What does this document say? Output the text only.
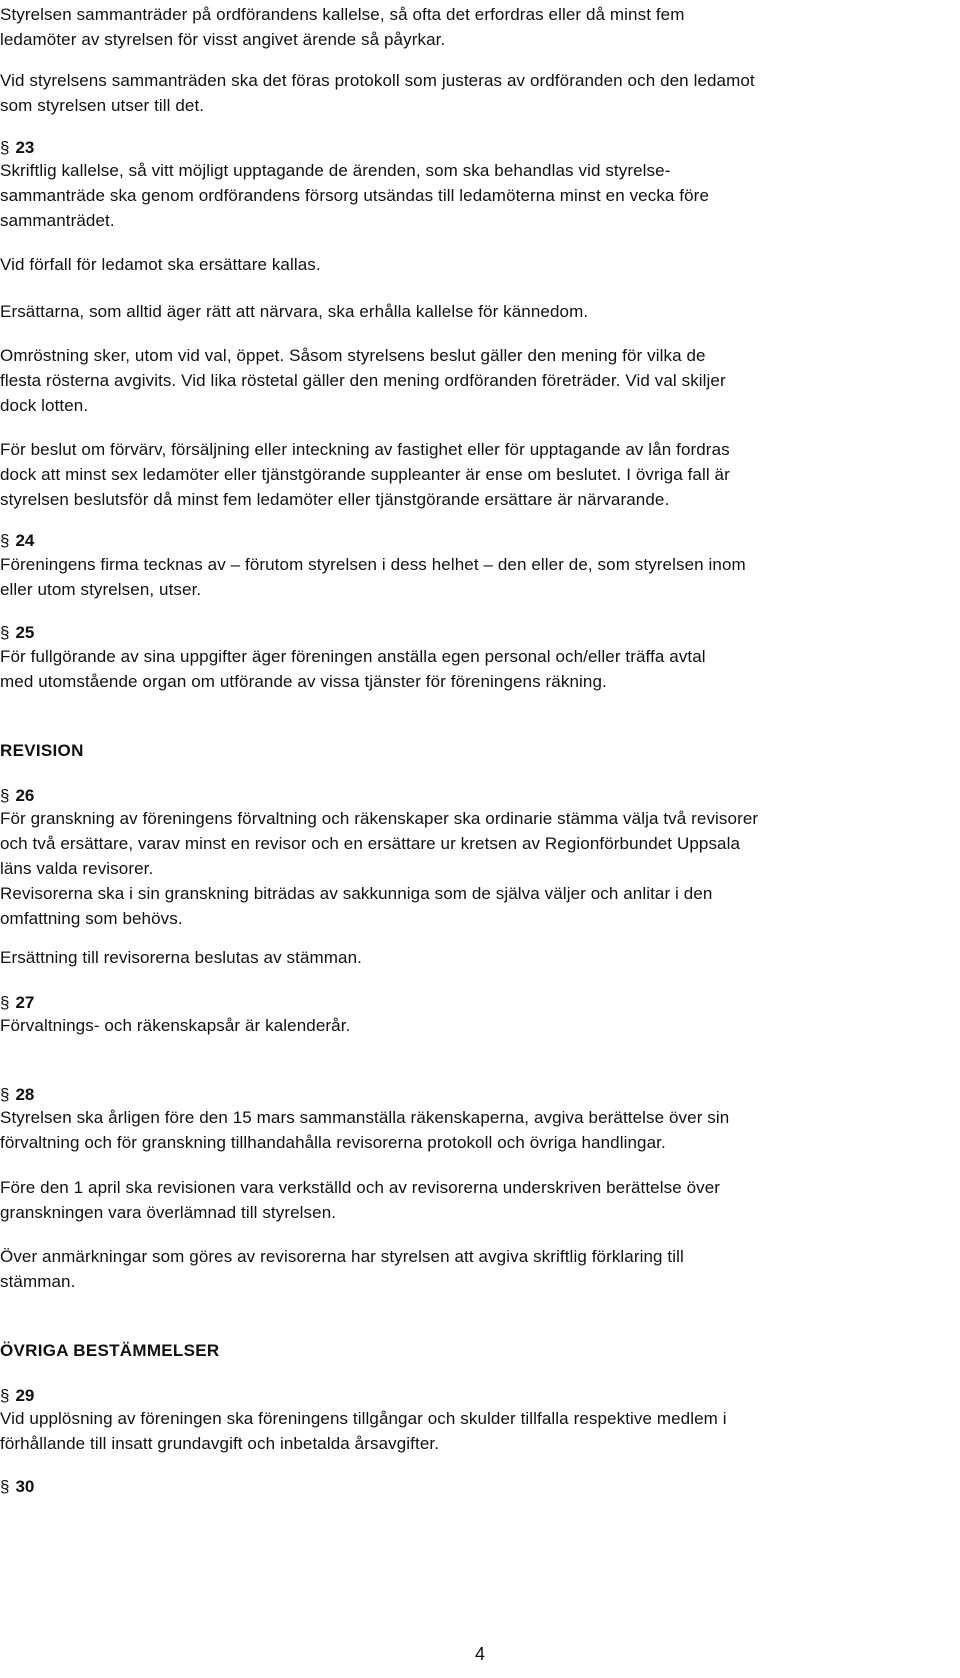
Styrelsen sammanträder på ordförandens kallelse, så ofta det erfordras eller då minst fem
ledamöter av styrelsen för visst angivet ärende så påyrkar.

Vid styrelsens sammanträden ska det föras protokoll som justeras av ordföranden och den ledamot
som styrelsen utser till det.

§ 23

Skriftlig kallelse, så vitt möjligt upptagande de ärenden, som ska behandlas vid styrelse-
sammanträde ska genom ordförandens försorg utsändas till ledamöterna minst en vecka före
sammanträdet.

Vid förfall för ledamot ska ersättare kallas.

Ersättarna, som alltid äger rätt att närvara, ska erhålla kallelse för kännedom.

Omröstning sker, utom vid val, öppet. Såsom styrelsens beslut gäller den mening för vilka de
flesta rösterna avgivits. Vid lika röstetal gäller den mening ordföranden företräder. Vid val skiljer
dock lotten.

För beslut om förvärv, försäljning eller inteckning av fastighet eller för upptagande av lån fordras
dock att minst sex ledamöter eller tjänstgörande suppleanter är ense om beslutet. I övriga fall är
styrelsen beslutsför då minst fem ledamöter eller tjänstgörande ersättare är närvarande.

§ 24

Föreningens firma tecknas av – förutom styrelsen i dess helhet – den eller de, som styrelsen inom
eller utom styrelsen, utser.

§ 25

För fullgörande av sina uppgifter äger föreningen anställa egen personal och/eller träffa avtal
med utomstående organ om utförande av vissa tjänster för föreningens räkning.

REVISION
§ 26

För granskning av föreningens förvaltning och räkenskaper ska ordinarie stämma välja två revisorer
och två ersättare, varav minst en revisor och en ersättare ur kretsen av Regionförbundet Uppsala
läns valda revisorer.
Revisorerna ska i sin granskning biträdas av sakkunniga som de själva väljer och anlitar i den
omfattning som behövs.

Ersättning till revisorerna beslutas av stämman.

§ 27

Förvaltnings- och räkenskapsår är kalenderår.

§ 28

Styrelsen ska årligen före den 15 mars sammanställa räkenskaperna, avgiva berättelse över sin
förvaltning och för granskning tillhandahålla revisorerna protokoll och övriga handlingar.

Före den 1 april ska revisionen vara verkställd och av revisorerna underskriven berättelse över
granskningen vara överlämnad till styrelsen.

Över anmärkningar som göres av revisorerna har styrelsen att avgiva skriftlig förklaring till
stämman.

ÖVRIGA BESTÄMMELSER
§ 29

Vid upplösning av föreningen ska föreningens tillgångar och skulder tillfalla respektive medlem i
förhållande till insatt grundavgift och inbetalda årsavgifter.

§ 30
4
